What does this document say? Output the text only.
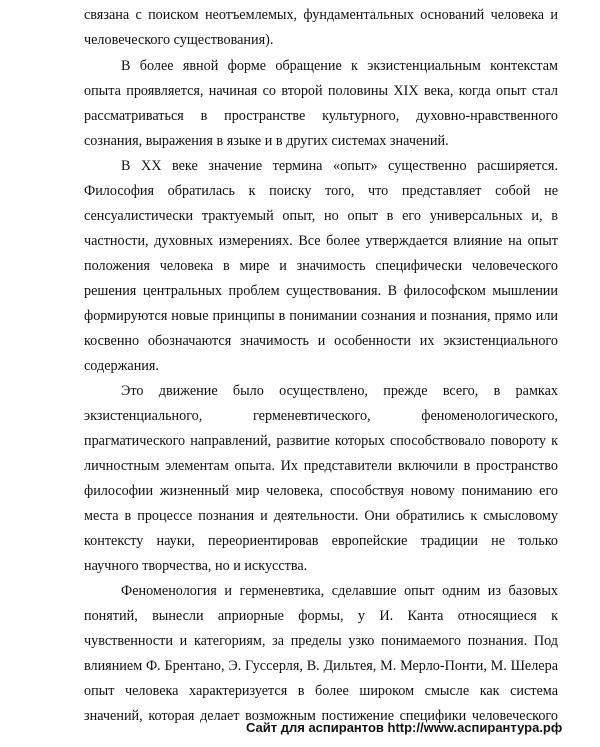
связана с поиском неотъемлемых, фундаментальных оснований человека и
человеческого существования).
В более явной форме обращение к экзистенциальным контекстам
опыта проявляется, начиная со второй половины XIX века, когда опыт стал
рассматриваться в пространстве культурного, духовно-нравственного
сознания, выражения в языке и в других системах значений.
В XX веке значение термина «опыт» существенно расширяется.
Философия обратилась к поиску того, что представляет собой не
сенсуалистически трактуемый опыт, но опыт в его универсальных и, в
частности, духовных измерениях. Все более утверждается влияние на опыт
положения человека в мире и значимость специфически человеческого
решения центральных проблем существования. В философском мышлении
формируются новые принципы в понимании сознания и познания, прямо или
косвенно обозначаются значимость и особенности их экзистенциального
содержания.
Это движение было осуществлено, прежде всего, в рамках
экзистенциального, герменевтического, феноменологического,
прагматического направлений, развитие которых способствовало повороту к
личностным элементам опыта. Их представители включили в пространство
философии жизненный мир человека, способствуя новому пониманию его
места в процессе познания и деятельности. Они обратились к смысловому
контексту науки, переориентировав европейские традиции не только
научного творчества, но и искусства.
Феноменология и герменевтика, сделавшие опыт одним из базовых
понятий, вынесли априорные формы, у И. Канта относящиеся к
чувственности и категориям, за пределы узко понимаемого познания. Под
влиянием Ф. Брентано, Э. Гуссерля, В. Дильтея, М. Мерло-Понти, М. Шелера
опыт человека характеризуется в более широком смысле как система
значений, которая делает возможным постижение специфики человеческого
Сайт для аспирантов http://www.аспирантура.рф
